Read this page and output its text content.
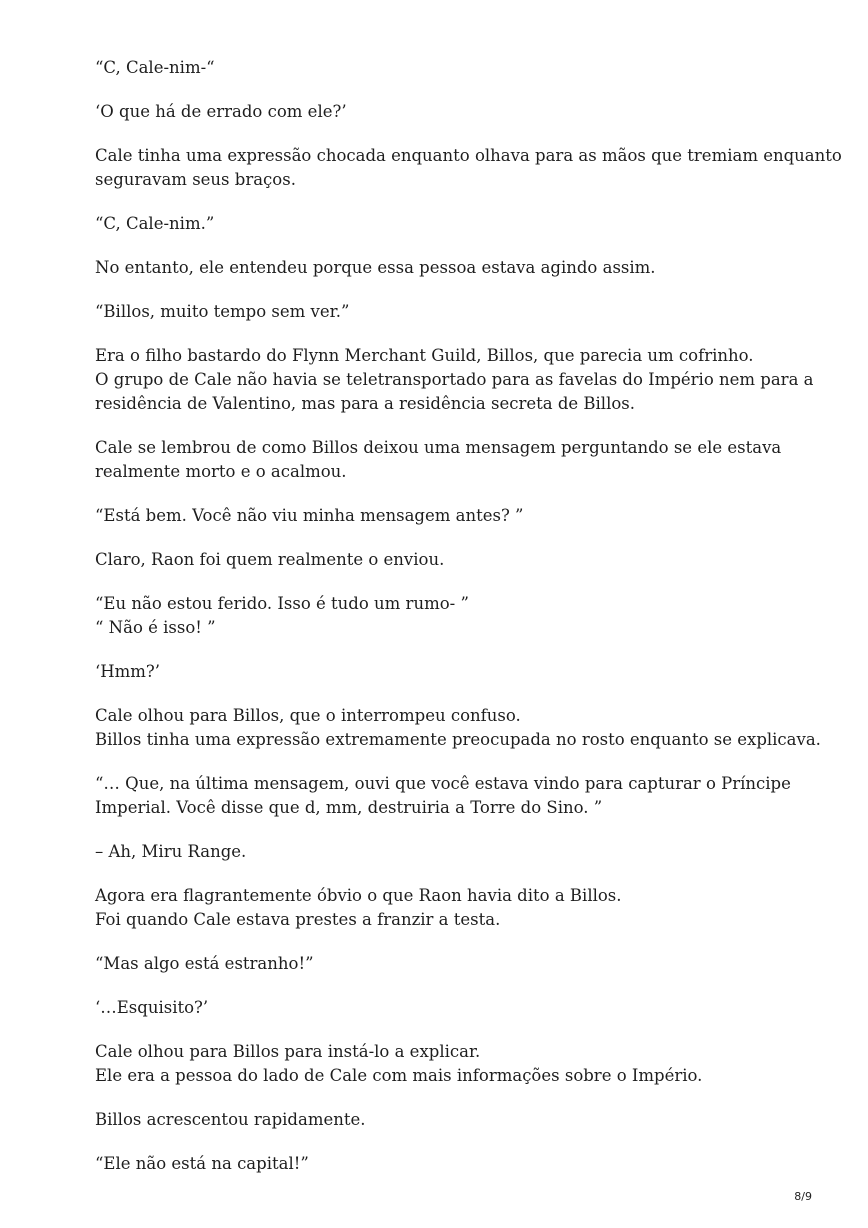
“C, Cale-nim-“

‘O que há de errado com ele?’

Cale tinha uma expressão chocada enquanto olhava para as mãos que tremiam enquanto
seguravam seus braços.

“C, Cale-nim.”

No entanto, ele entendeu porque essa pessoa estava agindo assim.

“Billos, muito tempo sem ver.”

Era o filho bastardo do Flynn Merchant Guild, Billos, que parecia um cofrinho.
O grupo de Cale não havia se teletransportado para as favelas do Império nem para a
residência de Valentino, mas para a residência secreta de Billos.

Cale se lembrou de como Billos deixou uma mensagem perguntando se ele estava
realmente morto e o acalmou.

“Está bem. Você não viu minha mensagem antes? ”

Claro, Raon foi quem realmente o enviou.

“Eu não estou ferido. Isso é tudo um rumo- ”
“ Não é isso! ”

‘Hmm?’

Cale olhou para Billos, que o interrompeu confuso.
Billos tinha uma expressão extremamente preocupada no rosto enquanto se explicava.

“… Que, na última mensagem, ouvi que você estava vindo para capturar o Príncipe
Imperial. Você disse que d, mm, destruiria a Torre do Sino. ”

– Ah, Miru Range.

Agora era flagrantemente óbvio o que Raon havia dito a Billos.
Foi quando Cale estava prestes a franzir a testa.

“Mas algo está estranho!”

‘…Esquisito?’

Cale olhou para Billos para instá-lo a explicar.
Ele era a pessoa do lado de Cale com mais informações sobre o Império.

Billos acrescentou rapidamente.

“Ele não está na capital!”

8/9
